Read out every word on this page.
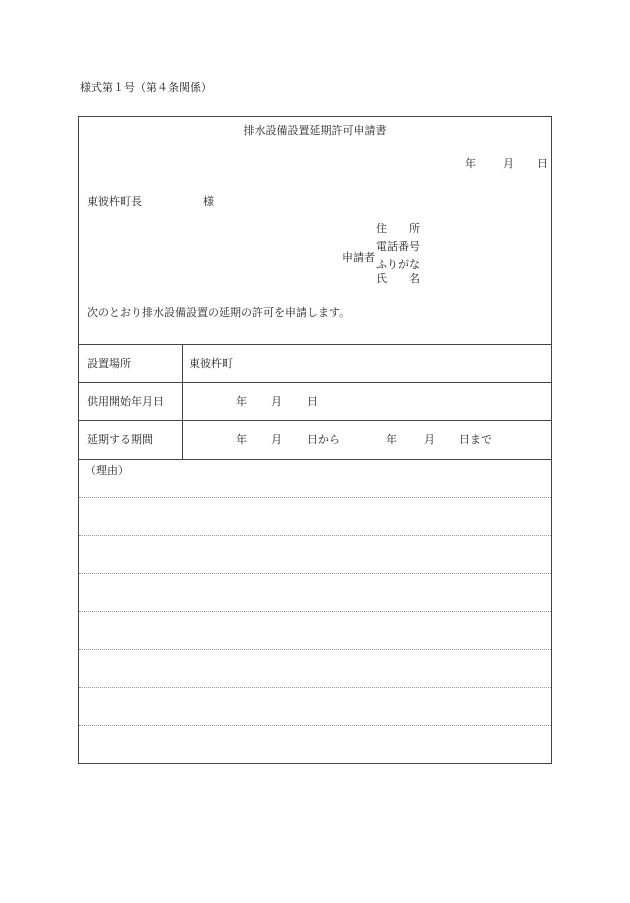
様式第１号（第４条関係）
排水設備設置延期許可申請書
年 月 日
東彼杵町長	様
申請者
住　　所
電話番号
ふりがな
氏　　名
次のとおり排水設備設置の延期の許可を申請します。
設置場所	東彼杵町
供用開始年月日	年 月 日
延期する期間	年 月 日から	年 月 日まで
（理由）
